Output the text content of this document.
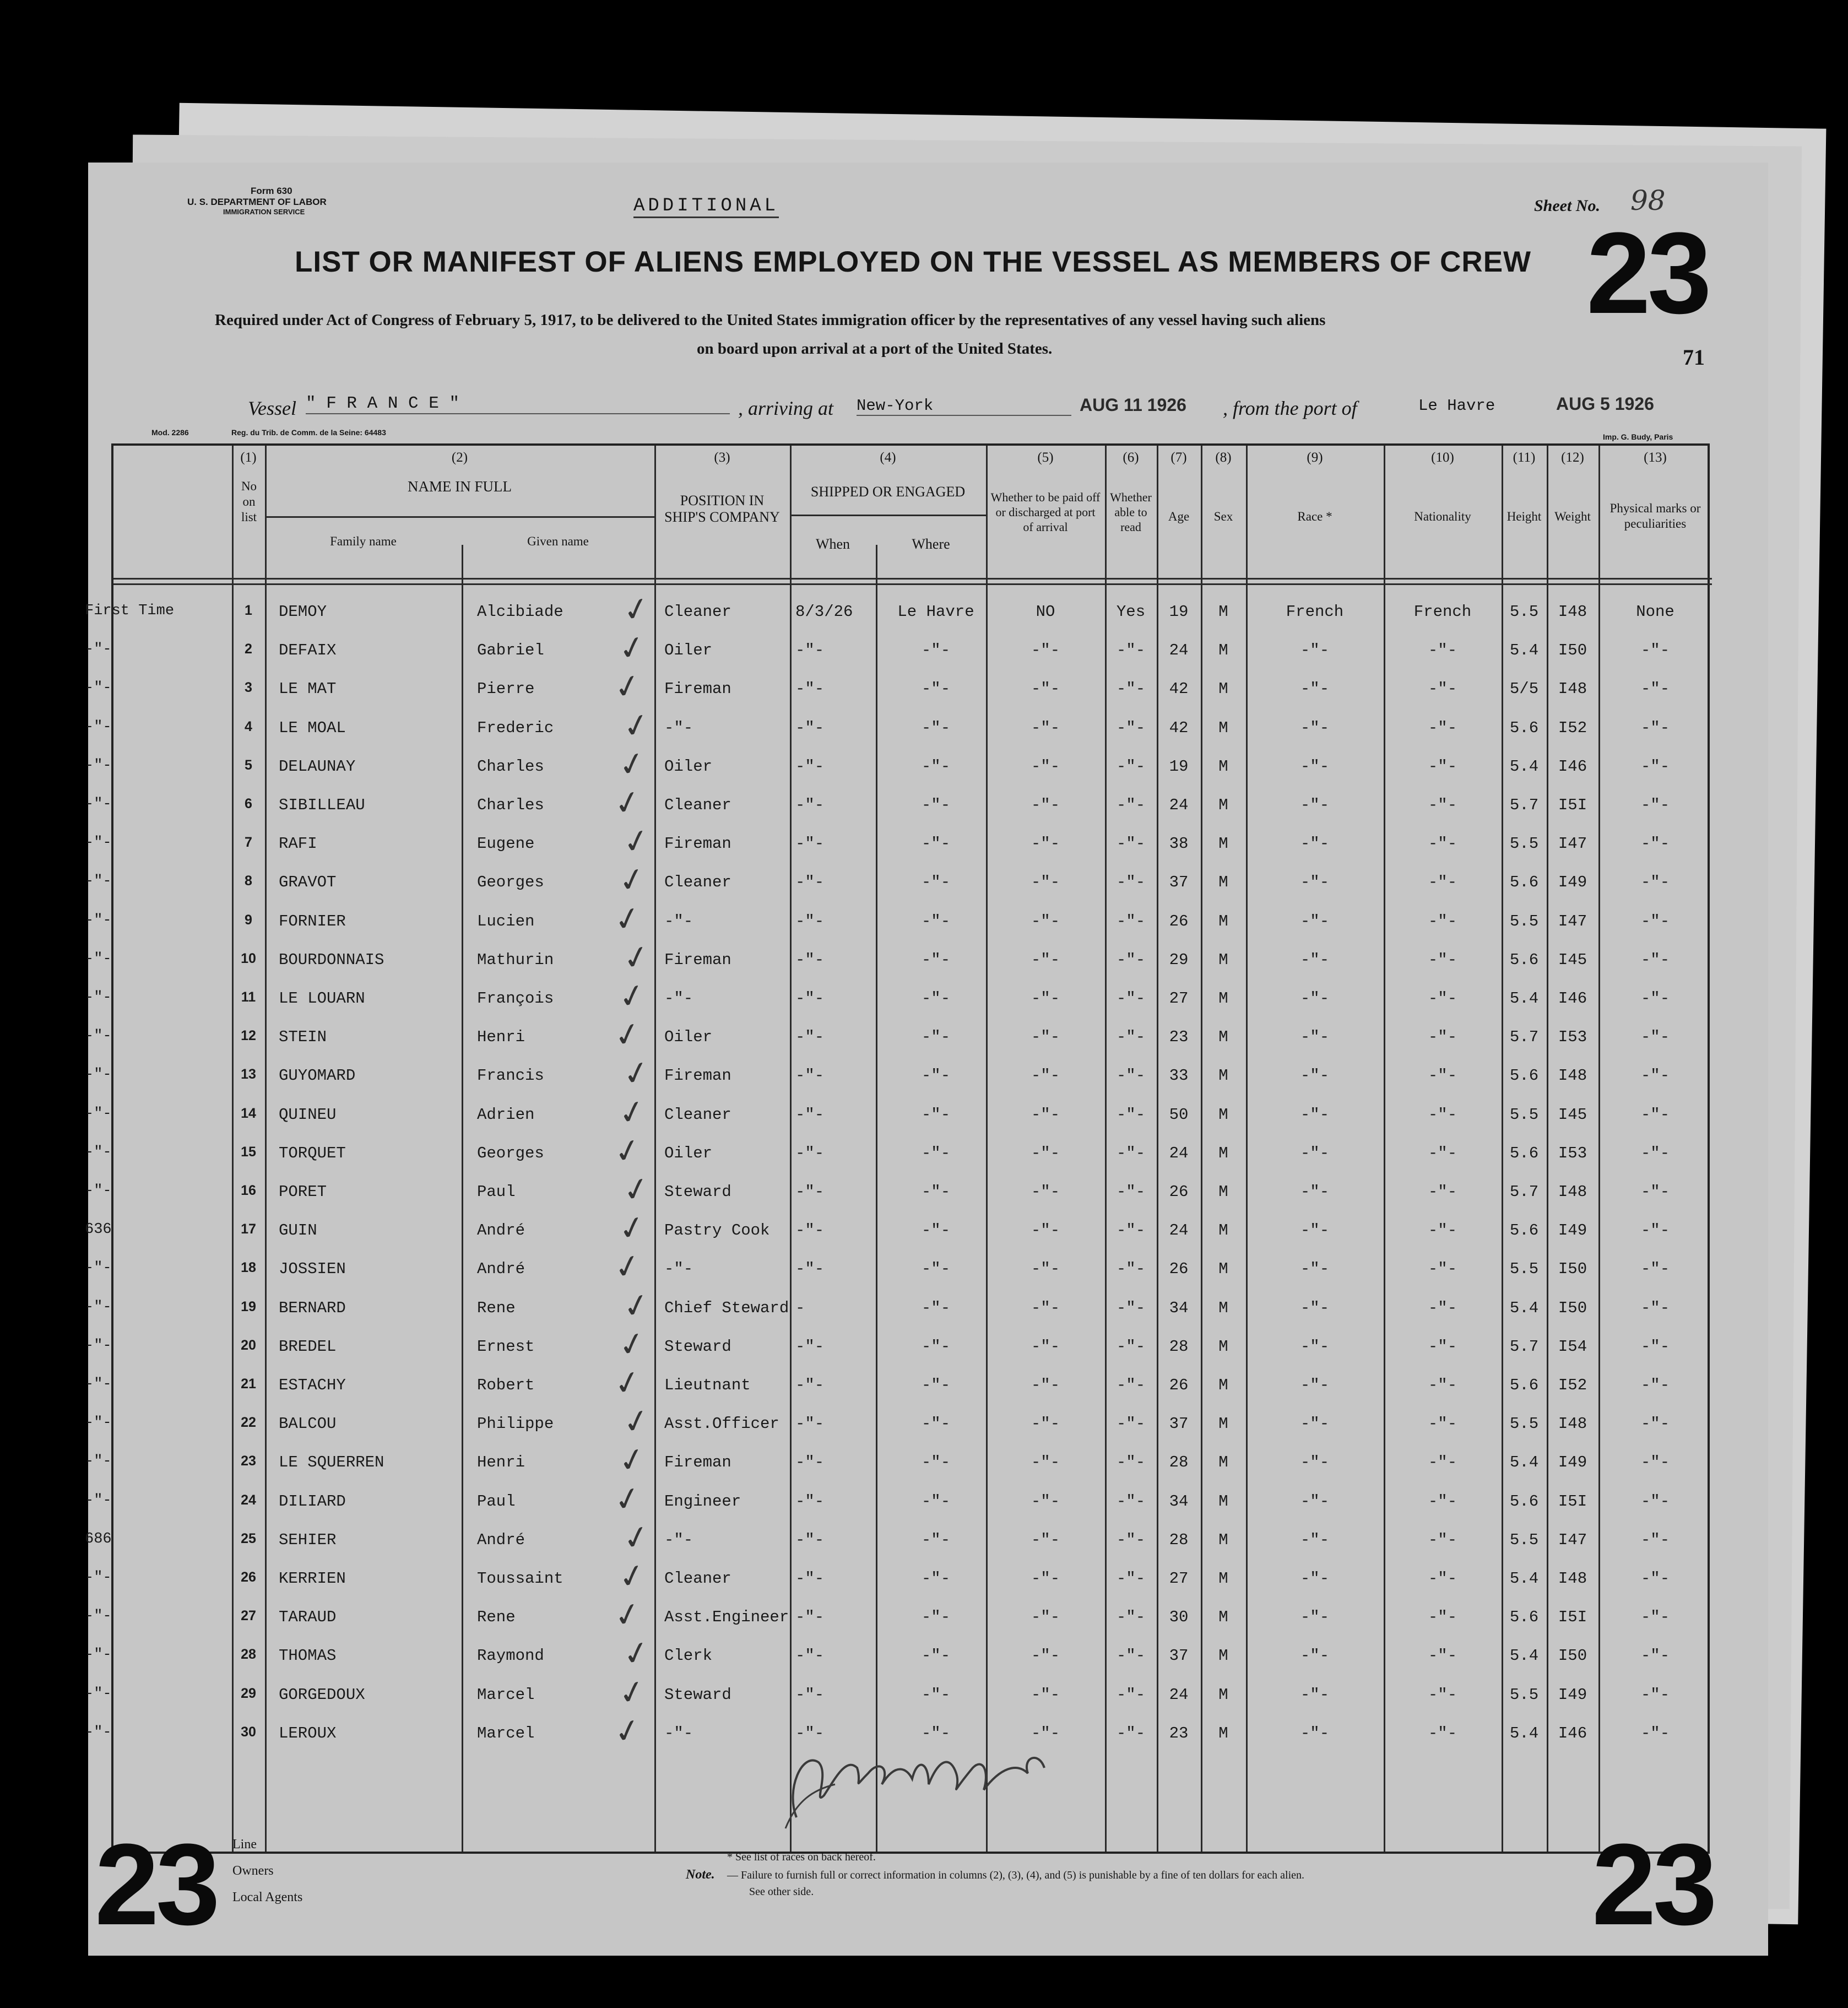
Form 630
U. S. DEPARTMENT OF LABOR
IMMIGRATION SERVICE	ADDITIONAL	Sheet No. 98
23
LIST OR MANIFEST OF ALIENS EMPLOYED ON THE VESSEL AS MEMBERS OF CREW
Required under Act of Congress of February 5, 1917, to be delivered to the United States immigration officer by the representatives of any vessel having such aliens
on board upon arrival at a port of the United States.	71
Vessel " F R A N C E "	, arriving at New-York	AUG 11 1926 , from the port of	Le Havre	AUG 5 1926
Mod. 2286	Reg. du Trib. de Comm. de la Seine: 64483	Imp. G. Budy, Paris
(1)
No on list
(2)
NAME IN FULL
Family name	Given name
(3)
POSITION IN SHIP'S COMPANY
(4)
SHIPPED OR ENGAGED
When	Where
(5)
Whether to be paid off or discharged at port of arrival
(6)
Whether able to read
(7)
Age
(8)
Sex
(9)
Race *
(10)
Nationality
(11)
Height
(12)
Weight
(13)
Physical marks or peculiarities
First Time	1	DEMOY	Alcibiade	Cleaner	8/3/26	Le Havre	NO	Yes	19	M	French	French	5.5	I48	None
✓
-"-	2	DEFAIX	Gabriel	Oiler	-"-	-"-	-"-	-"-	24	M	-"-	-"-	5.4	I50	-"-
✓
-"-	3	LE MAT	Pierre	Fireman	-"-	-"-	-"-	-"-	42	M	-"-	-"-	5/5	I48	-"-
✓
-"-	4	LE MOAL	Frederic	-"-	-"-	-"-	-"-	-"-	42	M	-"-	-"-	5.6	I52	-"-
✓
-"-	5	DELAUNAY	Charles	Oiler	-"-	-"-	-"-	-"-	19	M	-"-	-"-	5.4	I46	-"-
✓
-"-	6	SIBILLEAU	Charles	Cleaner	-"-	-"-	-"-	-"-	24	M	-"-	-"-	5.7	I5I	-"-
✓
-"-	7	RAFI	Eugene	Fireman	-"-	-"-	-"-	-"-	38	M	-"-	-"-	5.5	I47	-"-
✓
-"-	8	GRAVOT	Georges	Cleaner	-"-	-"-	-"-	-"-	37	M	-"-	-"-	5.6	I49	-"-
✓
-"-	9	FORNIER	Lucien	-"-	-"-	-"-	-"-	-"-	26	M	-"-	-"-	5.5	I47	-"-
✓
-"-	10	BOURDONNAIS	Mathurin	Fireman	-"-	-"-	-"-	-"-	29	M	-"-	-"-	5.6	I45	-"-
✓
-"-	11	LE LOUARN	François	-"-	-"-	-"-	-"-	-"-	27	M	-"-	-"-	5.4	I46	-"-
✓
-"-	12	STEIN	Henri	Oiler	-"-	-"-	-"-	-"-	23	M	-"-	-"-	5.7	I53	-"-
✓
-"-	13	GUYOMARD	Francis	Fireman	-"-	-"-	-"-	-"-	33	M	-"-	-"-	5.6	I48	-"-
✓
-"-	14	QUINEU	Adrien	Cleaner	-"-	-"-	-"-	-"-	50	M	-"-	-"-	5.5	I45	-"-
✓
-"-	15	TORQUET	Georges	Oiler	-"-	-"-	-"-	-"-	24	M	-"-	-"-	5.6	I53	-"-
✓
-"-	16	PORET	Paul	Steward	-"-	-"-	-"-	-"-	26	M	-"-	-"-	5.7	I48	-"-
✓
636	17	GUIN	André	Pastry Cook	-"-	-"-	-"-	-"-	24	M	-"-	-"-	5.6	I49	-"-
✓
-"-	18	JOSSIEN	André	-"-	-"-	-"-	-"-	-"-	26	M	-"-	-"-	5.5	I50	-"-
✓
-"-	19	BERNARD	Rene	Chief Steward -	-"-	-"-	-"-	34	M	-"-	-"-	5.4	I50	-"-
✓
-"-	20	BREDEL	Ernest	Steward	-"-	-"-	-"-	-"-	28	M	-"-	-"-	5.7	I54	-"-
✓
-"-	21	ESTACHY	Robert	Lieutnant	-"-	-"-	-"-	-"-	26	M	-"-	-"-	5.6	I52	-"-
✓
-"-	22	BALCOU	Philippe	Asst.Officer	-"-	-"-	-"-	-"-	37	M	-"-	-"-	5.5	I48	-"-
✓
-"-	23	LE SQUERREN	Henri	Fireman	-"-	-"-	-"-	-"-	28	M	-"-	-"-	5.4	I49	-"-
✓
-"-	24	DILIARD	Paul	Engineer	-"-	-"-	-"-	-"-	34	M	-"-	-"-	5.6	I5I	-"-
✓
686	25	SEHIER	André	-"-	-"-	-"-	-"-	-"-	28	M	-"-	-"-	5.5	I47	-"-
✓
-"-	26	KERRIEN	Toussaint	Cleaner	-"-	-"-	-"-	-"-	27	M	-"-	-"-	5.4	I48	-"-
✓
-"-	27	TARAUD	Rene	Asst.Engineer -"-	-"-	-"-	-"-	30	M	-"-	-"-	5.6	I5I	-"-
✓
-"-	28	THOMAS	Raymond	Clerk	-"-	-"-	-"-	-"-	37	M	-"-	-"-	5.4	I50	-"-
✓
-"-	29	GORGEDOUX	Marcel	Steward	-"-	-"-	-"-	-"-	24	M	-"-	-"-	5.5	I49	-"-
✓
-"-	30	LEROUX	Marcel	-"-	-"-	-"-	-"-	-"-	23	M	-"-	-"-	5.4	I46	-"-
✓
23 Line
Owners
Local Agents
* See list of races on back hereof.
Note. — Failure to furnish full or correct information in columns (2), (3), (4), and (5) is punishable by a fine of ten dollars for each alien.
See other side.	23
